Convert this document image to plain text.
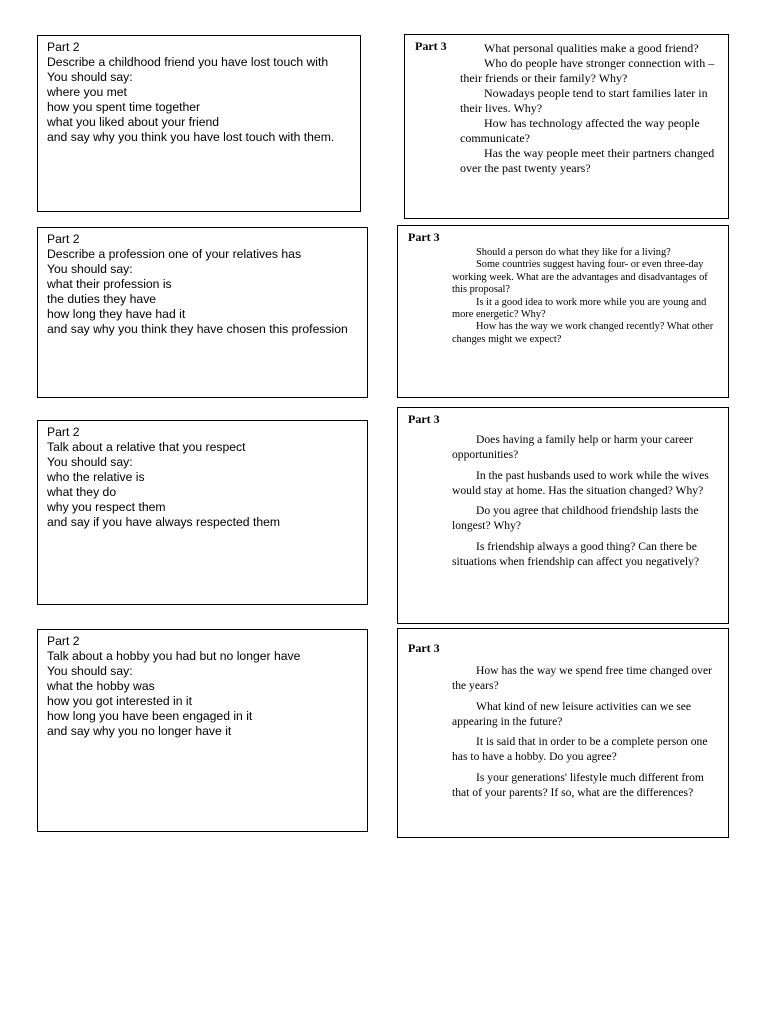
Part 2
Describe a childhood friend you have lost touch with
You should say:
where you met
how you spent time together
what you liked about your friend
and say why you think you have lost touch with them.
Part 2
Describe a profession one of your relatives has
You should say:
what their profession is
the duties they have
how long they have had it
and say why you think they have chosen this profession
Part 2
Talk about a relative that you respect
You should say:
who the relative is
what they do
why you respect them
and say if you have always respected them
Part 2
Talk about a hobby you had but no longer have
You should say:
what the hobby was
how you got interested in it
how long you have been engaged in it
and say why you no longer have it
Part 3	What personal qualities make a good friend?

Who do people have stronger connection with – their friends or their family? Why?

Nowadays people tend to start families later in their lives. Why?

How has technology affected the way people communicate?

Has the way people meet their partners changed over the past twenty years?

Part 3

Should a person do what they like for a living?

Some countries suggest having four- or even three-day working week. What are the advantages and disadvantages of this proposal?

Is it a good idea to work more while you are young and more energetic? Why?

How has the way we work changed recently? What other changes might we expect?

Part 3

Does having a family help or harm your career opportunities?

In the past husbands used to work while the wives would stay at home. Has the situation changed? Why?

Do you agree that childhood friendship lasts the longest? Why?

Is friendship always a good thing? Can there be situations when friendship can affect you negatively?

Part 3

How has the way we spend free time changed over the years?

What kind of new leisure activities can we see appearing in the future?

It is said that in order to be a complete person one has to have a hobby. Do you agree?

Is your generations' lifestyle much different from that of your parents? If so, what are the differences?
